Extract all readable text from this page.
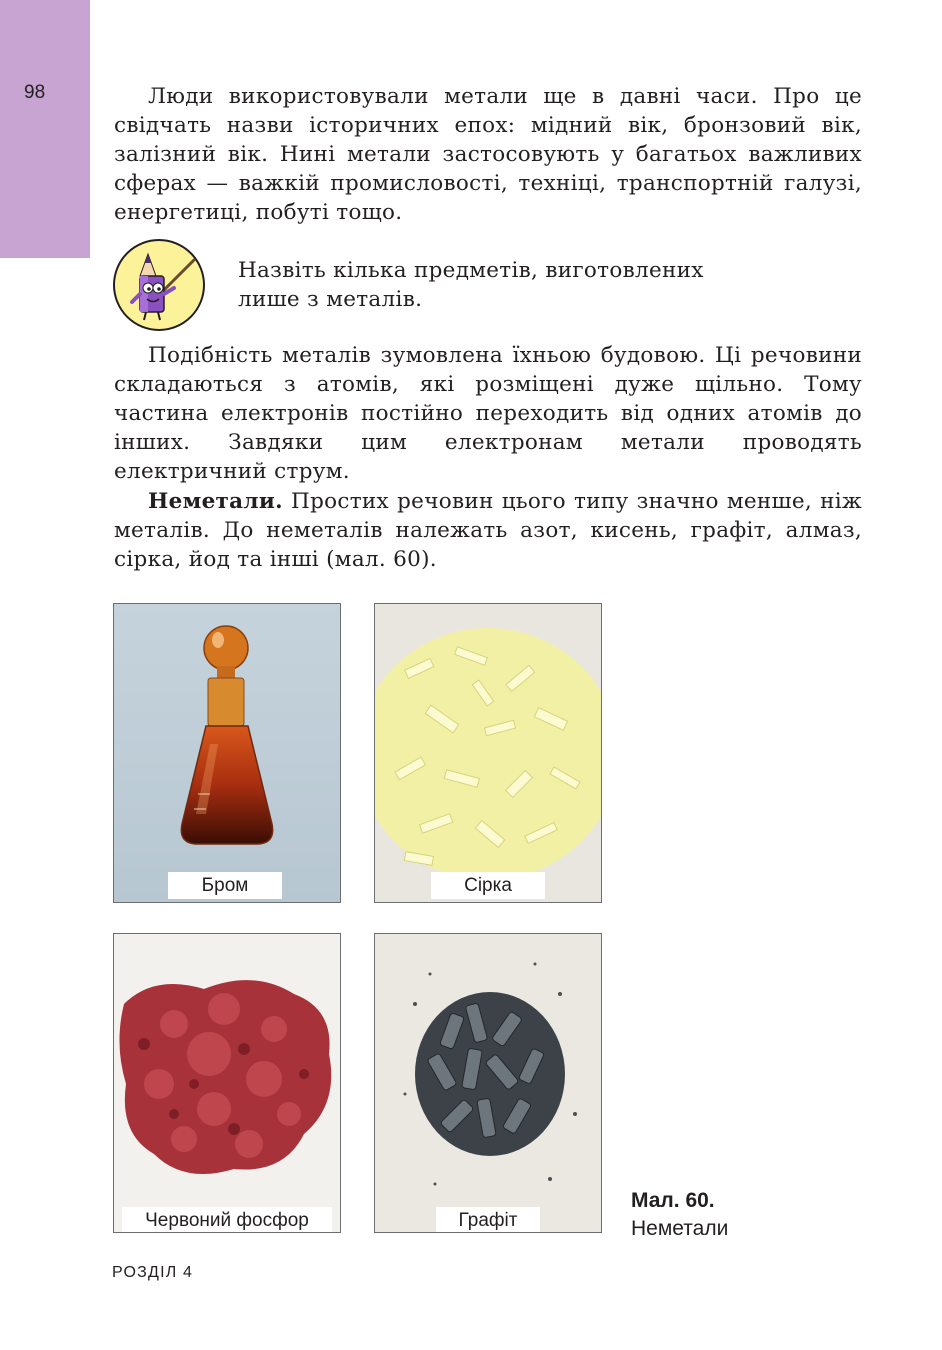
98	Люди використовували метали ще в давні часи. Про це свідчать назви історичних епох: мідний вік, бронзовий вік, залізний вік. Нині метали застосовують у багатьох важливих сферах — важкій промисловості, техніці, транспортній галузі, енергетиці, побуті тощо.

Назвіть кілька предметів, виготовлених
лише з металів.

Подібність металів зумовлена їхньою будовою. Ці речовини складаються з атомів, які розміщені дуже щільно. Тому частина електронів постійно переходить від одних атомів до інших. Завдяки цим електронам метали проводять електричний струм.

Неметали. Простих речовин цього типу значно менше, ніж металів. До неметалів належать азот, кисень, графіт, алмаз, сірка, йод та інші (мал. 60).

Бром	Сірка
Червоний фосфор	Графіт
Мал. 60.
Неметали
РОЗДІЛ 4
